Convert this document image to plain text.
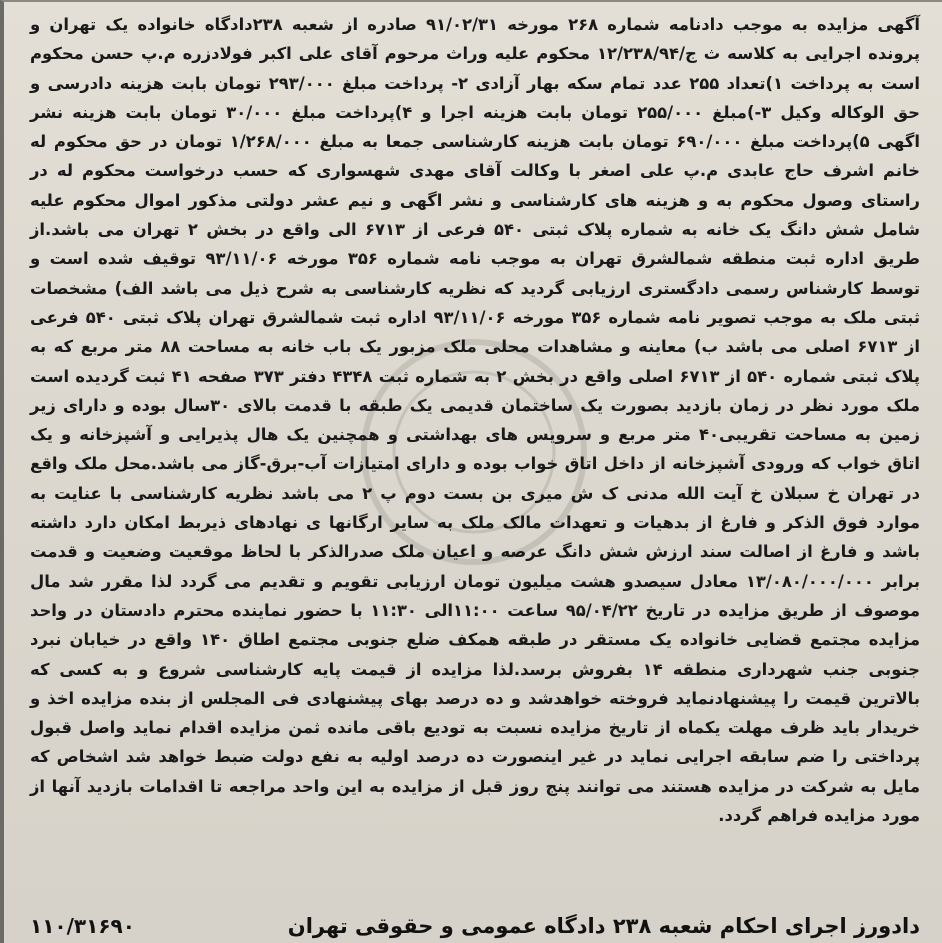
آگهی مزایده به موجب دادنامه شماره ۲۶۸ مورخه ۹۱/۰۲/۳۱ صادره از شعبه ۲۳۸دادگاه خانواده یک تهران و پرونده اجرایی به کلاسه ث ج/۱۲/۲۳۸/۹۴ محکوم علیه وراث مرحوم آقای علی اکبر فولادزره م.پ حسن محکوم است به پرداخت ۱)تعداد ۲۵۵ عدد تمام سکه بهار آزادی ۲- پرداخت مبلغ ۲۹۳/۰۰۰ تومان بابت هزینه دادرسی و حق الوکاله وکیل ۳-)مبلغ ۲۵۵/۰۰۰ تومان بابت هزینه اجرا و ۴)پرداخت مبلغ ۳۰/۰۰۰ تومان بابت هزینه نشر اگهی ۵)پرداخت مبلغ ۶۹۰/۰۰۰ تومان بابت هزینه کارشناسی جمعا به مبلغ ۱/۲۶۸/۰۰۰ تومان در حق محکوم له خانم اشرف حاج عابدی م.پ علی اصغر با وکالت آقای مهدی شهسواری که حسب درخواست محکوم له در راستای وصول محکوم به و هزینه های کارشناسی و نشر اگهی و نیم عشر دولتی مذکور اموال محکوم علیه شامل شش دانگ یک خانه به شماره پلاک ثبتی ۵۴۰ فرعی از ۶۷۱۳ الی واقع در بخش ۲ تهران می باشد.از طریق اداره ثبت منطقه شمالشرق تهران به موجب نامه شماره ۳۵۶ مورخه ۹۳/۱۱/۰۶ توقیف شده است و توسط کارشناس رسمی دادگستری ارزیابی گردید که نظریه کارشناسی به شرح ذیل می باشد الف) مشخصات ثبتی ملک به موجب تصویر نامه شماره ۳۵۶ مورخه ۹۳/۱۱/۰۶ اداره ثبت شمالشرق تهران پلاک ثبتی ۵۴۰ فرعی از ۶۷۱۳ اصلی می باشد ب) معاینه و مشاهدات محلی ملک مزبور یک باب خانه به مساحت ۸۸ متر مربع که به پلاک ثبتی شماره ۵۴۰ از ۶۷۱۳ اصلی واقع در بخش ۲ به شماره ثبت ۴۳۴۸ دفتر ۳۷۳ صفحه ۴۱ ثبت گردیده است ملک مورد نظر در زمان بازدید بصورت یک ساختمان قدیمی یک طبقه با قدمت بالای ۳۰سال بوده و دارای زیر زمین به مساحت تقریبی۴۰ متر مربع و سرویس های بهداشتی و همچنین یک هال پذیرایی و آشپزخانه و یک اتاق خواب که ورودی آشپزخانه از داخل اتاق خواب بوده و دارای امتیازات آب-برق-گاز می باشد.محل ملک واقع در تهران خ سبلان خ آیت الله مدنی ک ش میری بن بست دوم پ ۲ می باشد نظریه کارشناسی با عنایت به موارد فوق الذکر و فارغ از بدهیات و تعهدات مالک ملک به سایر ارگانها ی نهادهای ذیربط امکان دارد داشته باشد و فارغ از اصالت سند ارزش شش دانگ عرصه و اعیان ملک صدرالذکر با لحاظ موقعیت وضعیت و قدمت برابر ۱۳/۰۸۰/۰۰۰/۰۰۰ معادل سیصدو هشت میلیون تومان ارزیابی تقویم و تقدیم می گردد لذا مقرر شد مال موصوف از طریق مزایده در تاریخ ۹۵/۰۴/۲۲ ساعت ۱۱:۰۰الی ۱۱:۳۰ با حضور نماینده محترم دادستان در واحد مزایده مجتمع قضایی خانواده یک مستقر در طبقه همکف ضلع جنوبی مجتمع اطاق ۱۴۰ واقع در خیابان نبرد جنوبی جنب شهرداری منطقه ۱۴ بفروش برسد.لذا مزایده از قیمت پایه کارشناسی شروع و به کسی که بالاترین قیمت را پیشنهادنماید فروخته خواهدشد و ده درصد بهای پیشنهادی فی المجلس از بنده مزایده اخذ و خریدار باید ظرف مهلت یکماه از تاریخ مزایده نسبت به تودیع باقی مانده ثمن مزایده اقدام نماید واصل قبول پرداختی را ضم سابقه اجرایی نماید در غیر اینصورت ده درصد اولیه به نفع دولت ضبط خواهد شد اشخاص که مایل به شرکت در مزایده هستند می توانند پنج روز قبل از مزایده به این واحد مراجعه تا اقدامات بازدید آنها از مورد مزایده فراهم گردد.

۱۱۰/۳۱۶۹۰	دادورز اجرای احکام شعبه ۲۳۸ دادگاه عمومی و حقوقی تهران
